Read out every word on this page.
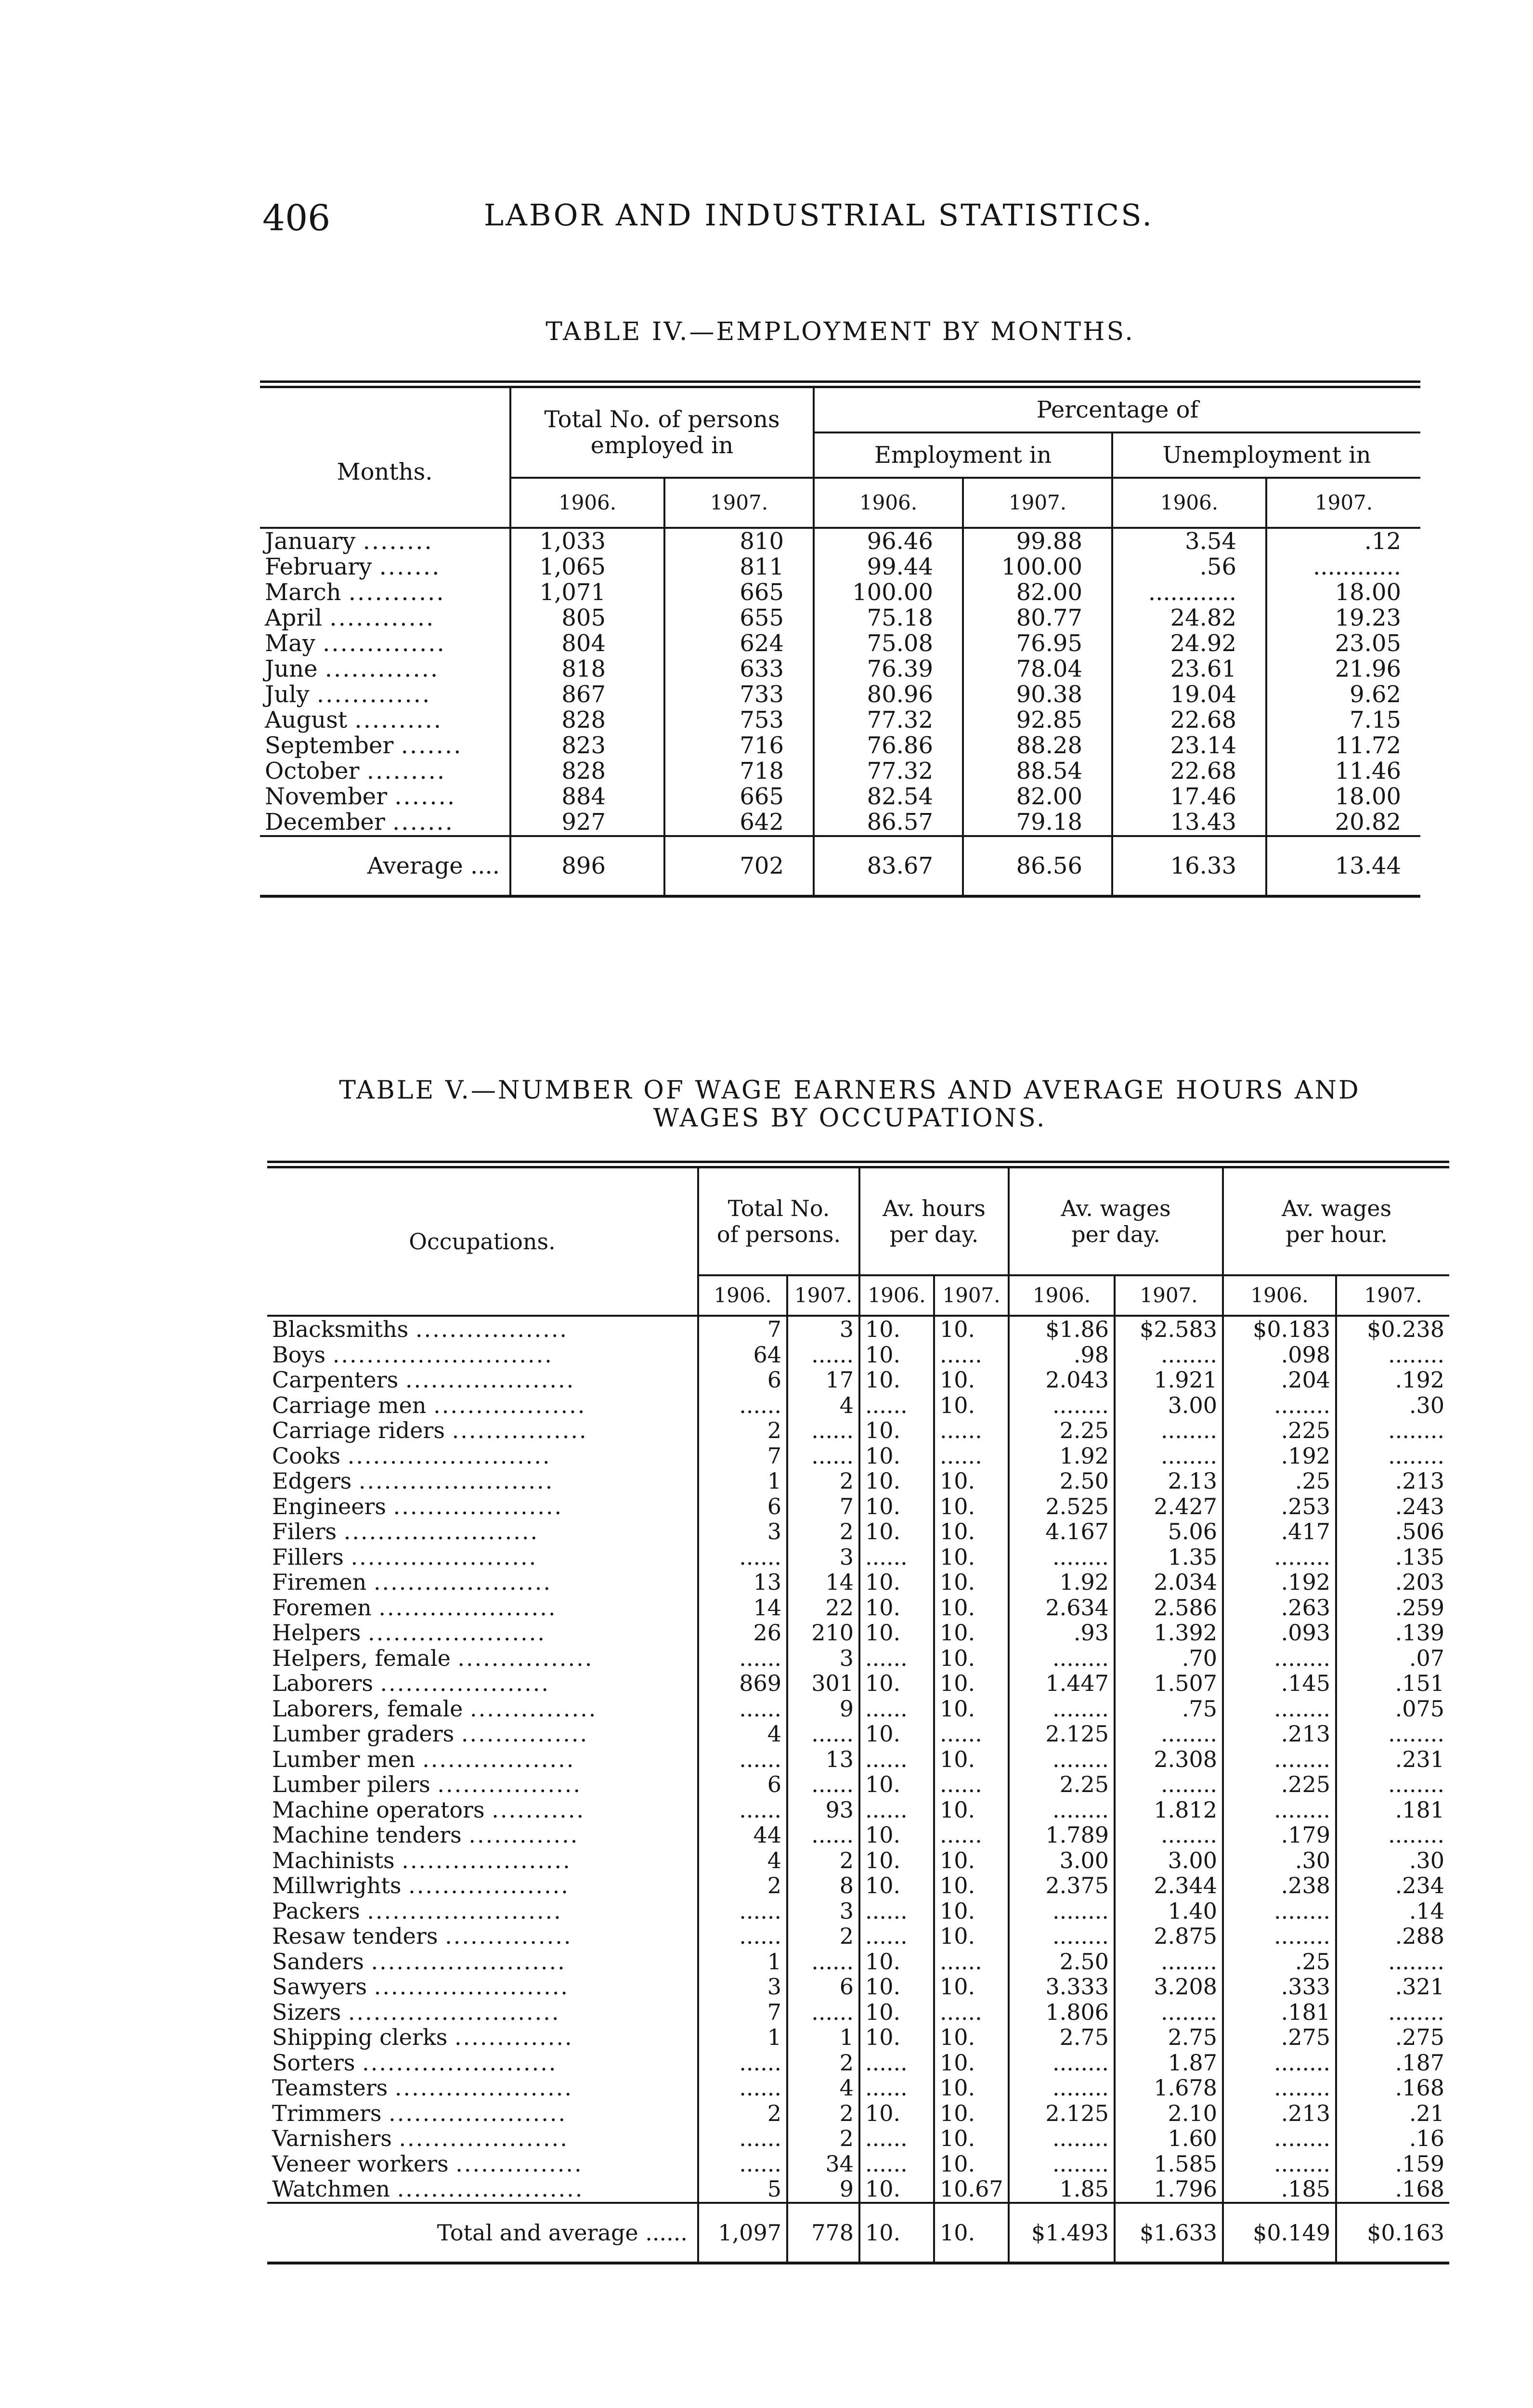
406	LABOR AND INDUSTRIAL STATISTICS.
TABLE IV.—EMPLOYMENT BY MONTHS.
Months.	Total No. of persons employed in		Percentage of			
			Employment in		Unemployment in	
	1906.	1907.	1906.	1907.	1906.	1907.
January ........	1,033	810	96.46	99.88	3.54	.12
February .......	1,065	811	99.44	100.00	.56	............
March ...........	1,071	665	100.00	82.00	............	18.00
April ............	805	655	75.18	80.77	24.82	19.23
May ..............	804	624	75.08	76.95	24.92	23.05
June .............	818	633	76.39	78.04	23.61	21.96
July .............	867	733	80.96	90.38	19.04	9.62
August ..........	828	753	77.32	92.85	22.68	7.15
September .......	823	716	76.86	88.28	23.14	11.72
October .........	828	718	77.32	88.54	22.68	11.46
November .......	884	665	82.54	82.00	17.46	18.00
December .......	927	642	86.57	79.18	13.43	20.82
Average ....	896	702	83.67	86.56	16.33	13.44
TABLE V.—NUMBER OF WAGE EARNERS AND AVERAGE HOURS AND
WAGES BY OCCUPATIONS.
Occupations.	Total No. of persons.		Av. hours per day.		Av. wages per day.		Av. wages per hour.	
	1906.	1907.	1906.	1907.	1906.	1907.	1906.	1907.
Blacksmiths ..................	7	3	10.	10.	$1.86	$2.583	$0.183	$0.238
Boys ..........................	64	......	10.	......	.98	........	.098	........
Carpenters ....................	6	17	10.	10.	2.043	1.921	.204	.192
Carriage men ..................	......	4	......	10.	........	3.00	........	.30
Carriage riders ................	2	......	10.	......	2.25	........	.225	........
Cooks ........................	7	......	10.	......	1.92	........	.192	........
Edgers .......................	1	2	10.	10.	2.50	2.13	.25	.213
Engineers ....................	6	7	10.	10.	2.525	2.427	.253	.243
Filers .......................	3	2	10.	10.	4.167	5.06	.417	.506
Fillers ......................	......	3	......	10.	........	1.35	........	.135
Firemen .....................	13	14	10.	10.	1.92	2.034	.192	.203
Foremen .....................	14	22	10.	10.	2.634	2.586	.263	.259
Helpers .....................	26	210	10.	10.	.93	1.392	.093	.139
Helpers, female ................	......	3	......	10.	........	.70	........	.07
Laborers ....................	869	301	10.	10.	1.447	1.507	.145	.151
Laborers, female ...............	......	9	......	10.	........	.75	........	.075
Lumber graders ...............	4	......	10.	......	2.125	........	.213	........
Lumber men ..................	......	13	......	10.	........	2.308	........	.231
Lumber pilers .................	6	......	10.	......	2.25	........	.225	........
Machine operators ...........	......	93	......	10.	........	1.812	........	.181
Machine tenders .............	44	......	10.	......	1.789	........	.179	........
Machinists ....................	4	2	10.	10.	3.00	3.00	.30	.30
Millwrights ...................	2	8	10.	10.	2.375	2.344	.238	.234
Packers .......................	......	3	......	10.	........	1.40	........	.14
Resaw tenders ...............	......	2	......	10.	........	2.875	........	.288
Sanders .......................	1	......	10.	......	2.50	........	.25	........
Sawyers .......................	3	6	10.	10.	3.333	3.208	.333	.321
Sizers .........................	7	......	10.	......	1.806	........	.181	........
Shipping clerks ..............	1	1	10.	10.	2.75	2.75	.275	.275
Sorters .......................	......	2	......	10.	........	1.87	........	.187
Teamsters .....................	......	4	......	10.	........	1.678	........	.168
Trimmers .....................	2	2	10.	10.	2.125	2.10	.213	.21
Varnishers ....................	......	2	......	10.	........	1.60	........	.16
Veneer workers ...............	......	34	......	10.	........	1.585	........	.159
Watchmen ......................	5	9	10.	10.67	1.85	1.796	.185	.168
Total and average ......	1,097	778	10.	10.	$1.493	$1.633	$0.149	$0.163
